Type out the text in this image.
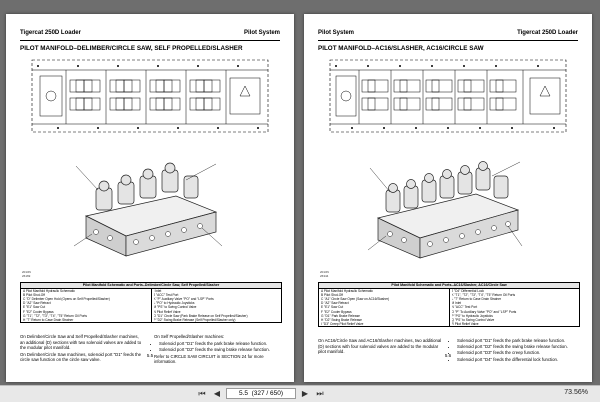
Tigercat 250D Loader	Pilot System
PILOT MANIFOLD–DELIMBER/CIRCLE SAW, SELF PROPELLED/SLASHER
2013N
26169
Pilot Manifold Schematic and Ports–Delimber/Circle Saw, Self Propelled/Slasher
A Pilot Manifold Hydraulic Schematic
B Pilot Shut-Off
C "D" Delimber Open Hold (Opens on Self Propelled/Slasher)
D "A2" Saw Retract
E "E1" Saw Cut
F "E2" Cooler Bypass
G "T1", "T2", "T3", "T4", "T5" Return Oil Ports
H "T" Return to Case Drain Strainer
I Inlet
J "ACC" Test Port
K "P" Auxiliary Valve "PO" and "LSP" Ports
L "PO" to Hydraulic Joysticks
M "PS" to Swing Control Valve
N Pilot Relief Valve
O "D1" Circle Saw (Park Brake Release on Self Propelled/Slasher)
P "D2" Swing Brake Release (Self Propelled/Slasher only)

On Delimber/Circle Saw and Self Propelled/Slasher machines, an additional (D) sections with two solenoid valves are added to the modular pilot manifold.

On Delimber/Circle Saw machines, solenoid port "D1" feeds the circle saw function on the circle saw valve.

On Self Propelled/Slasher machines:

• Solenoid port "D1" feeds the park brake release function.
• Solenoid port "D2" feeds the swing brake release function.

Refer to CIRCLE SAW CIRCUIT in SECTION 24 for more information.

5.5
Pilot System	Tigercat 250D Loader
PILOT MANIFOLD–AC16/SLASHER, AC16/CIRCLE SAW
2013N
26344
Pilot Manifold Schematic and Ports–AC16/Slasher, AC16/Circle Saw
A Pilot Manifold Hydraulic Schematic
B Pilot Shut-Off
C "A1" Circle Saw Open (Saw on AC16/Slasher)
D "A2" Saw Retract
E "E1" Saw Cut
F "E2" Cooler Bypass
G "D1" Park Brake Release
H "D2" Swing Brake Release
I "D3" Creep Pilot Relief Valve
J "D4" Differential Lock
K "T1", "T2", "T3", "T4", "T5" Return Oil Ports
L "T" Return to Case Drain Strainer
M Inlet
N "ACC" Test Port
O "P" To Auxiliary Valve "PO" and "LSP" Ports
P "PO" to Hydraulic Joysticks
Q "PS" to Swing Control Valve
R Pilot Relief Valve

On AC16/Circle Saw and AC16/Slasher machines, two additional (D) sections with four solenoid valves are added to the modular pilot manifold.

• Solenoid port "D1" feeds the park brake release function.
• Solenoid port "D2" feeds the swing brake release function.
• Solenoid port "D3" feeds the creep function.
• Solenoid port "D4" feeds the differential lock function.
5.6
⏮	◀
5.5 (327 / 650)	▶	⏭	73.56%
